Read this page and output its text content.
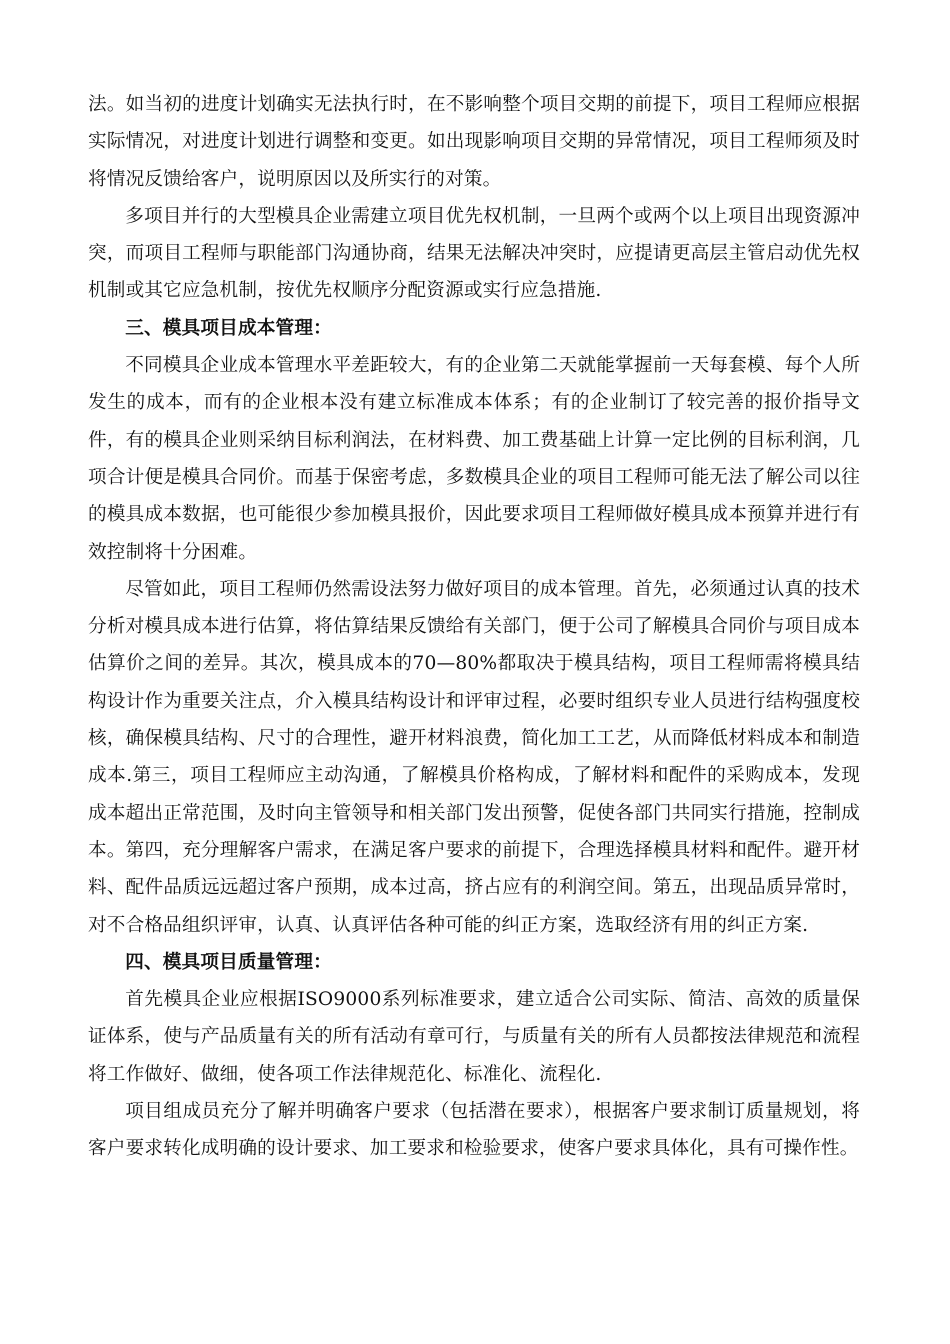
法。如当初的进度计划确实无法执行时，在不影响整个项目交期的前提下，项目工程师应根据实际情况，对进度计划进行调整和变更。如出现影响项目交期的异常情况，项目工程师须及时将情况反馈给客户，说明原因以及所实行的对策。

多项目并行的大型模具企业需建立项目优先权机制，一旦两个或两个以上项目出现资源冲突，而项目工程师与职能部门沟通协商，结果无法解决冲突时，应提请更高层主管启动优先权机制或其它应急机制，按优先权顺序分配资源或实行应急措施.

三、模具项目成本管理：

不同模具企业成本管理水平差距较大，有的企业第二天就能掌握前一天每套模、每个人所发生的成本，而有的企业根本没有建立标准成本体系；有的企业制订了较完善的报价指导文件，有的模具企业则采纳目标利润法，在材料费、加工费基础上计算一定比例的目标利润，几项合计便是模具合同价。而基于保密考虑，多数模具企业的项目工程师可能无法了解公司以往的模具成本数据，也可能很少参加模具报价，因此要求项目工程师做好模具成本预算并进行有效控制将十分困难。

尽管如此，项目工程师仍然需设法努力做好项目的成本管理。首先，必须通过认真的技术分析对模具成本进行估算，将估算结果反馈给有关部门，便于公司了解模具合同价与项目成本估算价之间的差异。其次，模具成本的70—80%都取决于模具结构，项目工程师需将模具结构设计作为重要关注点，介入模具结构设计和评审过程，必要时组织专业人员进行结构强度校核，确保模具结构、尺寸的合理性，避开材料浪费，简化加工工艺，从而降低材料成本和制造成本.第三，项目工程师应主动沟通，了解模具价格构成，了解材料和配件的采购成本，发现成本超出正常范围，及时向主管领导和相关部门发出预警，促使各部门共同实行措施，控制成本。第四，充分理解客户需求，在满足客户要求的前提下，合理选择模具材料和配件。避开材料、配件品质远远超过客户预期，成本过高，挤占应有的利润空间。第五，出现品质异常时，对不合格品组织评审，认真、认真评估各种可能的纠正方案，选取经济有用的纠正方案.

四、模具项目质量管理：

首先模具企业应根据ISO9000系列标准要求，建立适合公司实际、简洁、高效的质量保证体系，使与产品质量有关的所有活动有章可行，与质量有关的所有人员都按法律规范和流程将工作做好、做细，使各项工作法律规范化、标准化、流程化.

项目组成员充分了解并明确客户要求（包括潜在要求），根据客户要求制订质量规划，将客户要求转化成明确的设计要求、加工要求和检验要求，使客户要求具体化，具有可操作性。
